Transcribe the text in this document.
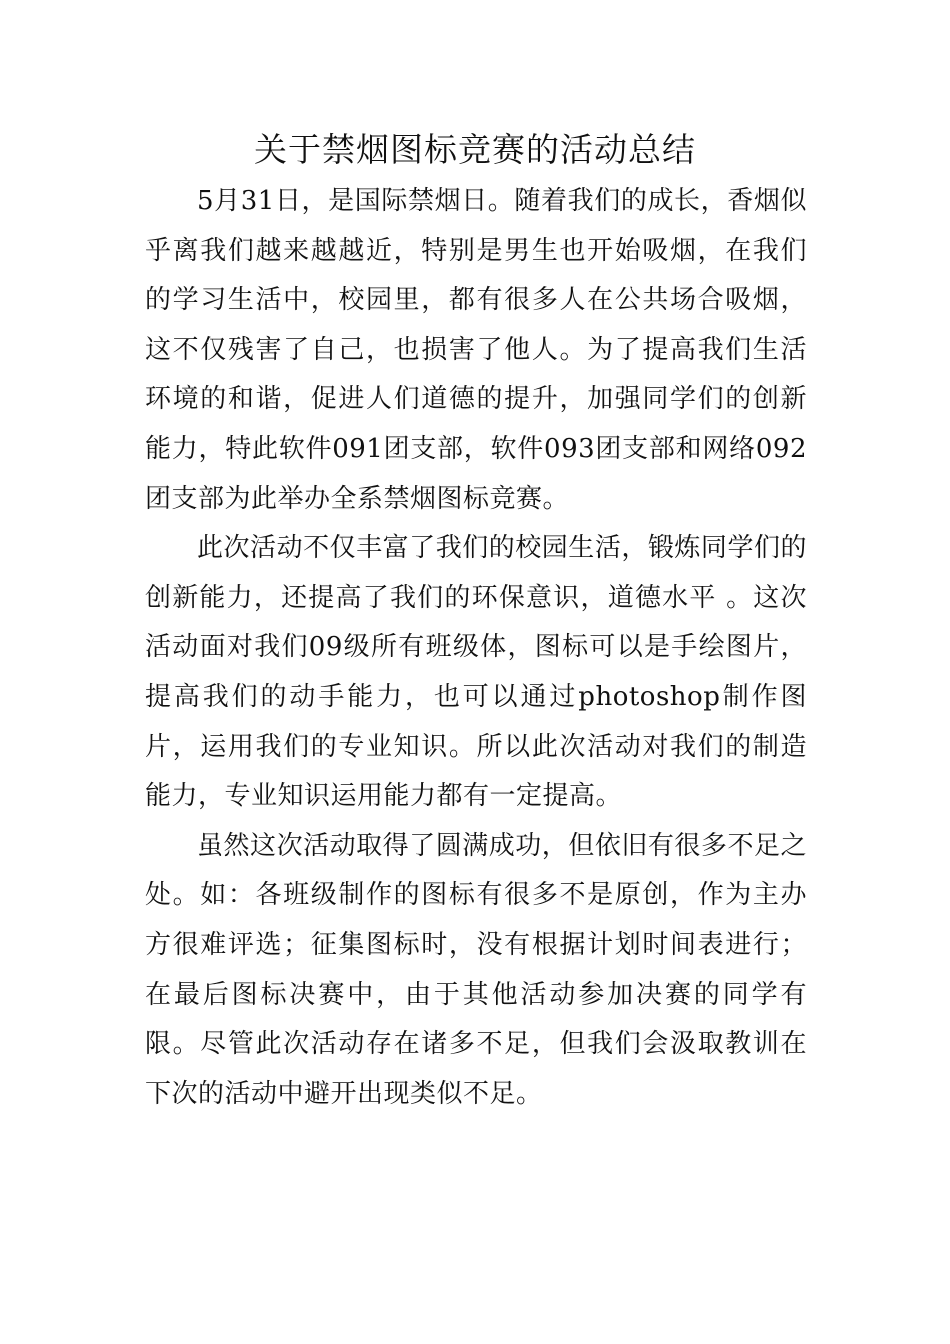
关于禁烟图标竞赛的活动总结

5月31日，是国际禁烟日。随着我们的成长，香烟似乎离我们越来越越近，特别是男生也开始吸烟，在我们的学习生活中，校园里，都有很多人在公共场合吸烟，这不仅残害了自己，也损害了他人。为了提高我们生活环境的和谐，促进人们道德的提升，加强同学们的创新能力，特此软件091团支部，软件093团支部和网络092团支部为此举办全系禁烟图标竞赛。

此次活动不仅丰富了我们的校园生活，锻炼同学们的创新能力，还提高了我们的环保意识，道德水平 。这次活动面对我们09级所有班级体，图标可以是手绘图片，提高我们的动手能力，也可以通过photoshop制作图片，运用我们的专业知识。所以此次活动对我们的制造能力，专业知识运用能力都有一定提高。

虽然这次活动取得了圆满成功，但依旧有很多不足之处。如：各班级制作的图标有很多不是原创，作为主办方很难评选；征集图标时，没有根据计划时间表进行；在最后图标决赛中，由于其他活动参加决赛的同学有限。尽管此次活动存在诸多不足，但我们会汲取教训在下次的活动中避开出现类似不足。
